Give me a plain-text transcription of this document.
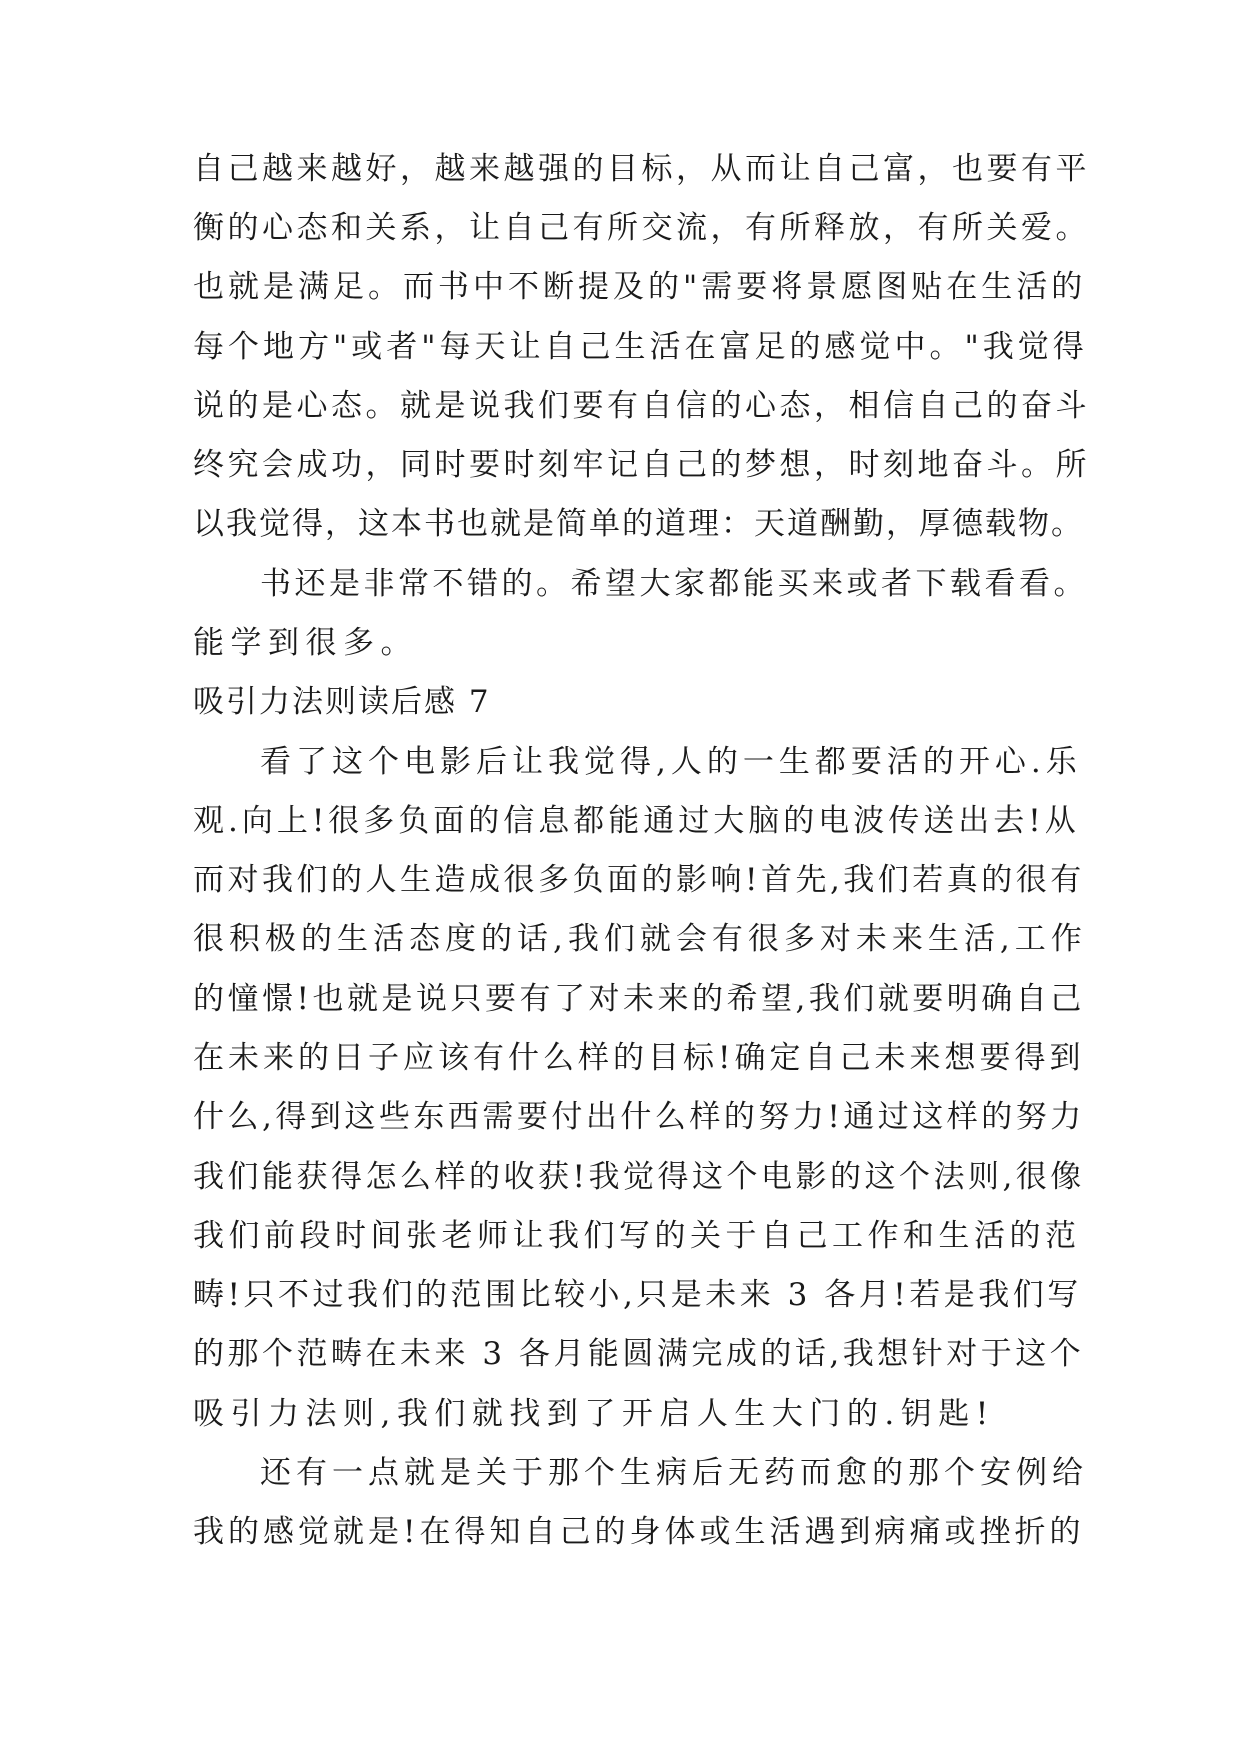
自己越来越好，越来越强的目标，从而让自己富，也要有平
衡的心态和关系，让自己有所交流，有所释放，有所关爱。
也就是满足。而书中不断提及的"需要将景愿图贴在生活的
每个地方"或者"每天让自己生活在富足的感觉中。"我觉得
说的是心态。就是说我们要有自信的心态，相信自己的奋斗
终究会成功，同时要时刻牢记自己的梦想，时刻地奋斗。所
以我觉得，这本书也就是简单的道理：天道酬勤，厚德载物。
书还是非常不错的。希望大家都能买来或者下载看看。
能学到很多。
吸引力法则读后感 7
看了这个电影后让我觉得,人的一生都要活的开心.乐
观.向上!很多负面的信息都能通过大脑的电波传送出去!从
而对我们的人生造成很多负面的影响!首先,我们若真的很有
很积极的生活态度的话,我们就会有很多对未来生活,工作
的憧憬!也就是说只要有了对未来的希望,我们就要明确自己
在未来的日子应该有什么样的目标!确定自己未来想要得到
什么,得到这些东西需要付出什么样的努力!通过这样的努力
我们能获得怎么样的收获!我觉得这个电影的这个法则,很像
我们前段时间张老师让我们写的关于自己工作和生活的范
畴!只不过我们的范围比较小,只是未来 3 各月!若是我们写
的那个范畴在未来 3 各月能圆满完成的话,我想针对于这个
吸引力法则,我们就找到了开启人生大门的.钥匙!
还有一点就是关于那个生病后无药而愈的那个安例给
我的感觉就是!在得知自己的身体或生活遇到病痛或挫折的
